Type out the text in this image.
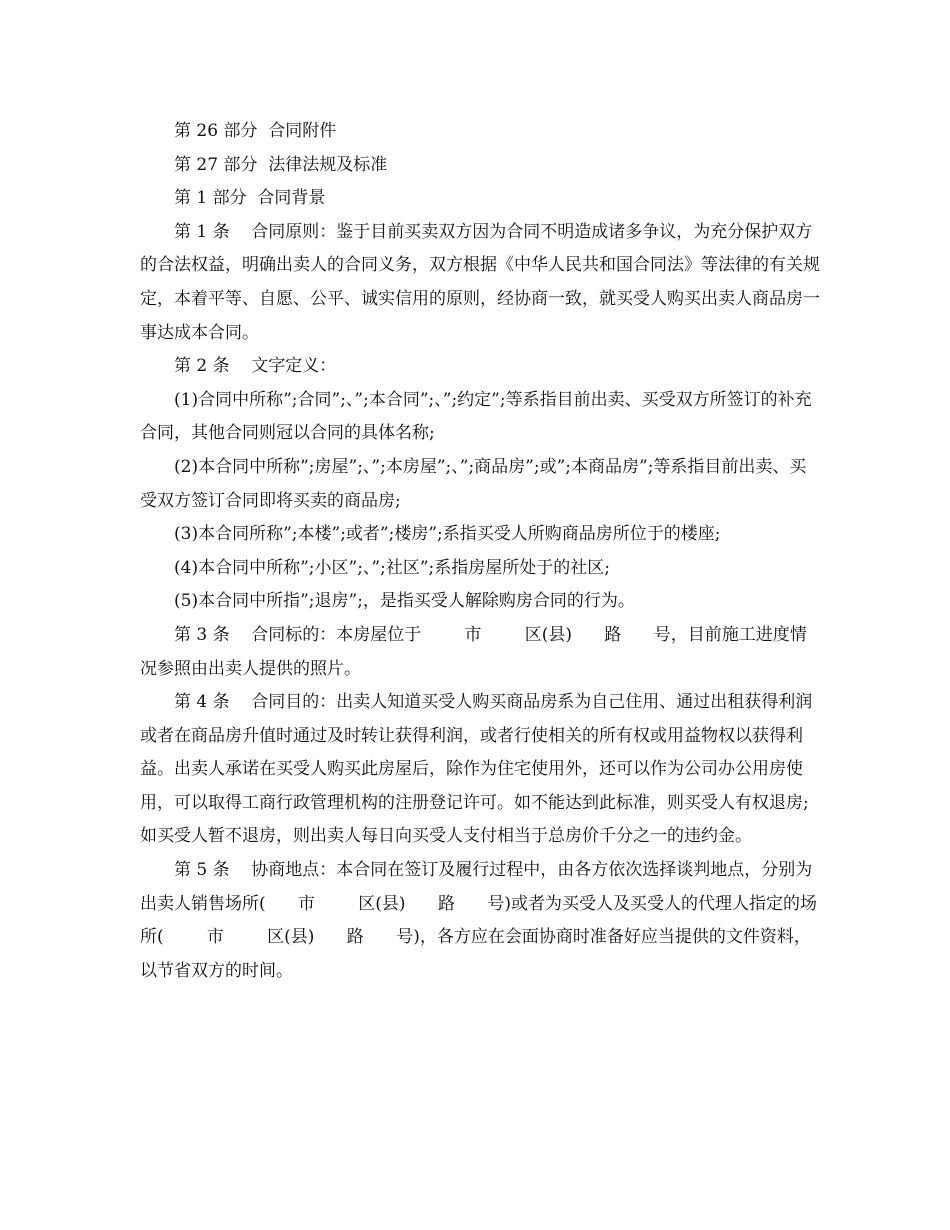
第 26 部分  合同附件

第 27 部分  法律法规及标准

第 1 部分  合同背景

第 1 条    合同原则：鉴于目前买卖双方因为合同不明造成诸多争议，为充分保护双方的合法权益，明确出卖人的合同义务，双方根据《中华人民共和国合同法》等法律的有关规定，本着平等、自愿、公平、诚实信用的原则，经协商一致，就买受人购买出卖人商品房一事达成本合同。

第 2 条    文字定义：

(1)合同中所称”;合同”;、”;本合同”;、”;约定”;等系指目前出卖、买受双方所签订的补充合同，其他合同则冠以合同的具体名称;

(2)本合同中所称”;房屋”;、”;本房屋”;、”;商品房”;或”;本商品房”;等系指目前出卖、买受双方签订合同即将买卖的商品房;

(3)本合同所称”;本楼”;或者”;楼房”;系指买受人所购商品房所位于的楼座;

(4)本合同中所称”;小区”;、”;社区”;系指房屋所处于的社区;

(5)本合同中所指”;退房”;，是指买受人解除购房合同的行为。

第 3 条    合同标的：本房屋位于        市        区(县)      路      号，目前施工进度情况参照由出卖人提供的照片。

第 4 条    合同目的：出卖人知道买受人购买商品房系为自己住用、通过出租获得利润或者在商品房升值时通过及时转让获得利润，或者行使相关的所有权或用益物权以获得利益。出卖人承诺在买受人购买此房屋后，除作为住宅使用外，还可以作为公司办公用房使用，可以取得工商行政管理机构的注册登记许可。如不能达到此标准，则买受人有权退房;如买受人暂不退房，则出卖人每日向买受人支付相当于总房价千分之一的违约金。

第 5 条    协商地点：本合同在签订及履行过程中，由各方依次选择谈判地点，分别为出卖人销售场所(      市        区(县)      路      号)或者为买受人及买受人的代理人指定的场所(        市        区(县)      路      号)，各方应在会面协商时准备好应当提供的文件资料，以节省双方的时间。
